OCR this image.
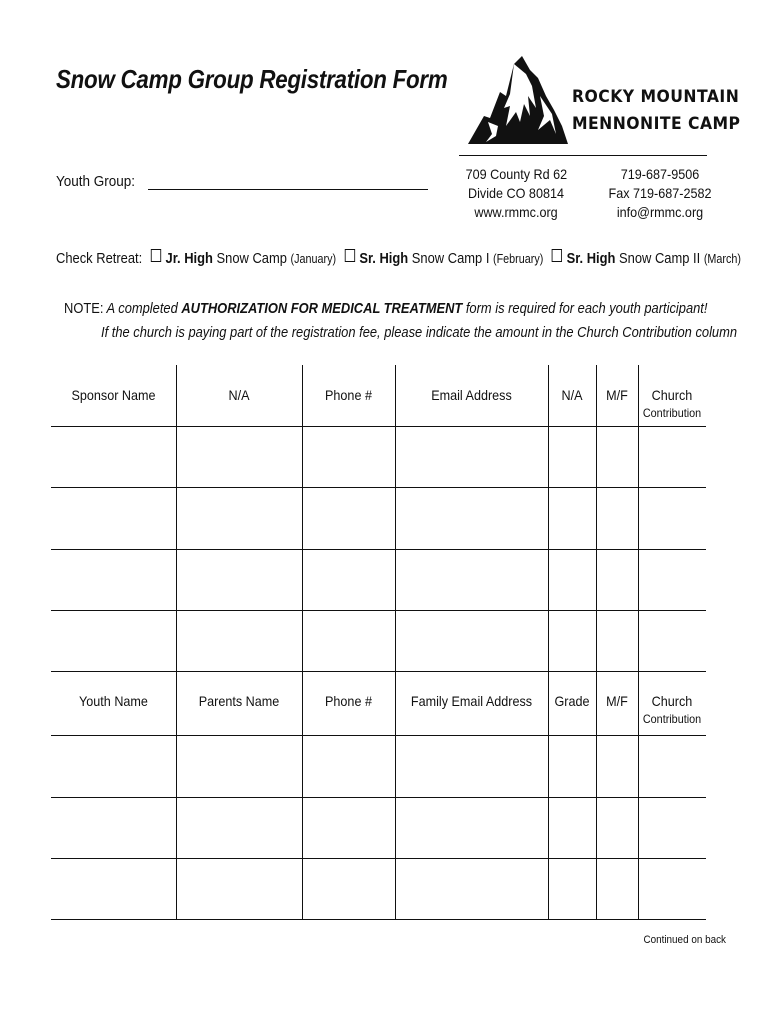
Snow Camp Group Registration Form
ROCKY MOUNTAIN
MENNONITE CAMP
709 County Rd 62
Divide CO 80814
www.rmmc.org
719-687-9506
Fax 719-687-2582
info@rmmc.org
Youth Group:
Check Retreat: Jr. High Snow Camp (January) Sr. High Snow Camp I (February) Sr. High Snow Camp II (March)
NOTE: A completed AUTHORIZATION FOR MEDICAL TREATMENT form is required for each youth participant!
If the church is paying part of the registration fee, please indicate the amount in the Church Contribution column
Sponsor Name	N/A	Phone #	Email Address	N/A	M/F	Church
Contribution
Youth Name	Parents Name	Phone #	Family Email Address	Grade	M/F	Church
Contribution
Continued on back
